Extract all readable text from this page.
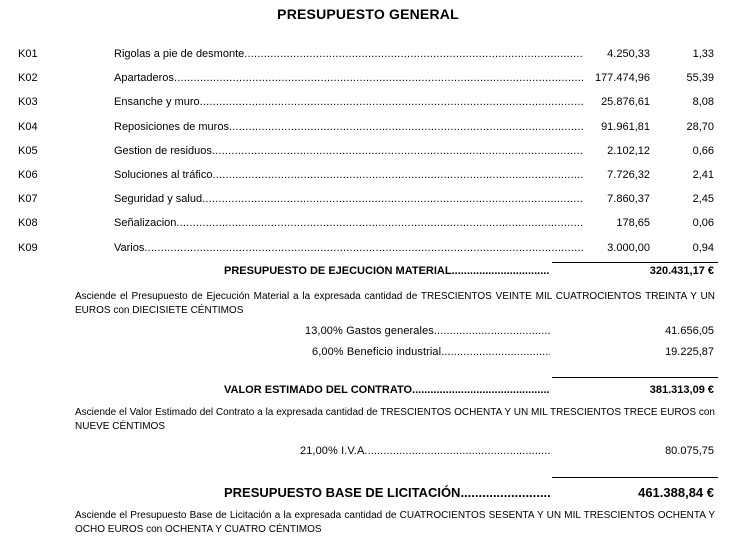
PRESUPUESTO GENERAL
K01	Rigolas a pie de desmonte .....	4.250,33	1,33
K02	Apartaderos .....	177.474,96	55,39
K03	Ensanche y muro .....	25.876,61	8,08
K04	Reposiciones de muros .....	91.961,81	28,70
K05	Gestion de residuos .....	2.102,12	0,66
K06	Soluciones al tráfico .....	7.726,32	2,41
K07	Seguridad y salud .....	7.860,37	2,45
K08	Señalizacion .....	178,65	0,06
K09	Varios .....	3.000,00	0,94
PRESUPUESTO DE EJECUCIÓN MATERIAL .....	320.431,17 €
Asciende el Presupuesto de Ejecución Material a la expresada cantidad de TRESCIENTOS VEINTE MIL CUATROCIENTOS TREINTA Y UN EUROS con DIECISIETE CÉNTIMOS
13,00% Gastos generales .....	41.656,05
6,00% Beneficio industrial .....	19.225,87
VALOR ESTIMADO DEL CONTRATO .....	381.313,09 €
Asciende el Valor Estimado del Contrato a la expresada cantidad de TRESCIENTOS OCHENTA Y UN MIL TRESCIENTOS TRECE EUROS con NUEVE CÉNTIMOS
21,00% I.V.A. .....	80.075,75
PRESUPUESTO BASE DE LICITACIÓN .....	461.388,84 €
Asciende el Presupuesto Base de Licitación a la expresada cantidad de CUATROCIENTOS SESENTA Y UN MIL TRESCIENTOS OCHENTA Y OCHO EUROS con OCHENTA Y CUATRO CÉNTIMOS
